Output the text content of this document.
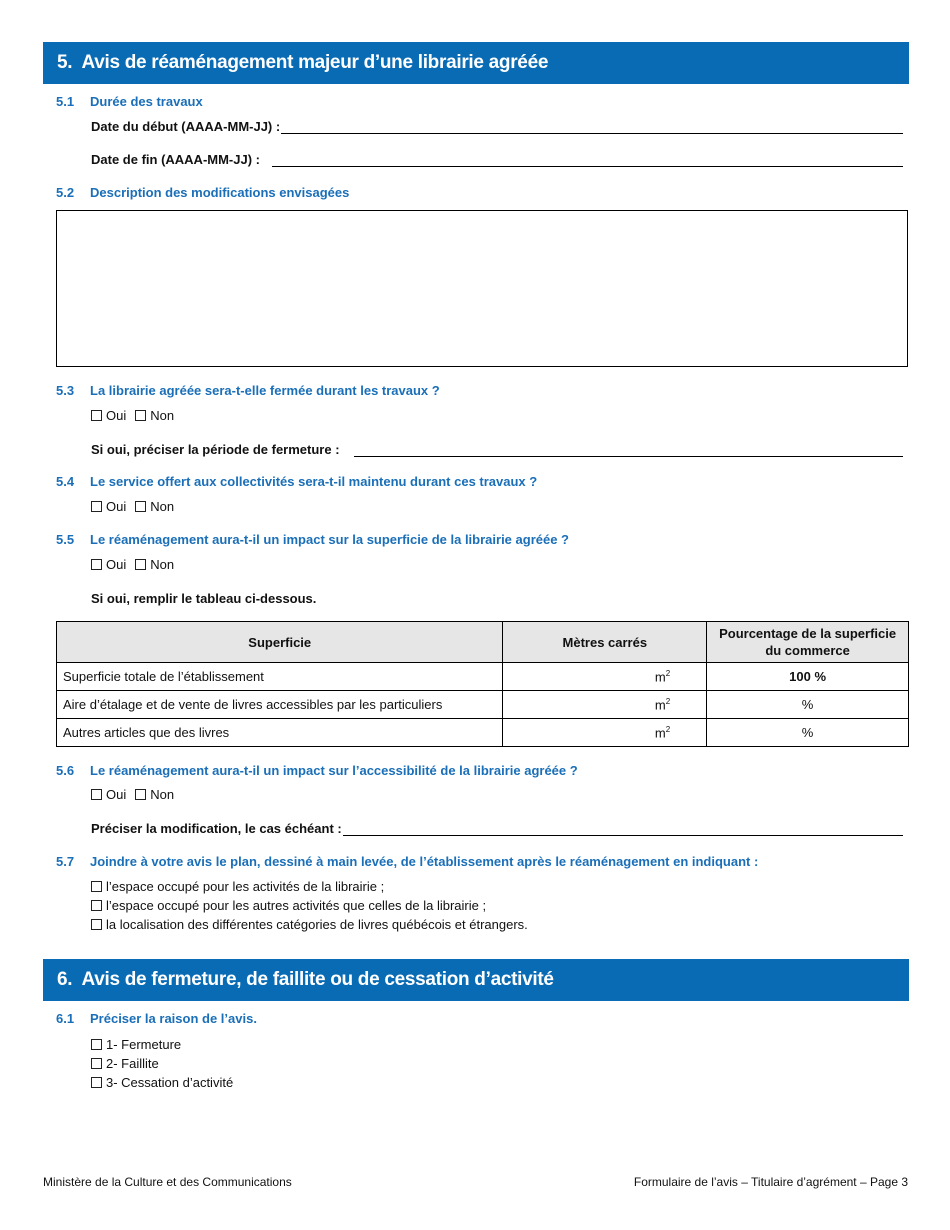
5. Avis de réaménagement majeur d’une librairie agréée
5.1 Durée des travaux
Date du début (AAAA-MM-JJ) :
Date de fin (AAAA-MM-JJ) :
5.2 Description des modifications envisagées
5.3 La librairie agréée sera-t-elle fermée durant les travaux ?
Oui Non
Si oui, préciser la période de fermeture :
5.4 Le service offert aux collectivités sera-t-il maintenu durant ces travaux ?
Oui Non
5.5 Le réaménagement aura-t-il un impact sur la superficie de la librairie agréée ?
Oui Non
Si oui, remplir le tableau ci-dessous.
Superficie	Mètres carrés	Pourcentage de la superficie du commerce
Superficie totale de l’établissement	$m^2$	100 %
Aire d’étalage et de vente de livres accessibles par les particuliers	$m^2$	%
Autres articles que des livres	$m^2$	%
5.6 Le réaménagement aura-t-il un impact sur l’accessibilité de la librairie agréée ?
Oui Non
Préciser la modification, le cas échéant :
5.7 Joindre à votre avis le plan, dessiné à main levée, de l’établissement après le réaménagement en indiquant :
l’espace occupé pour les activités de la librairie ;
l’espace occupé pour les autres activités que celles de la librairie ;
la localisation des différentes catégories de livres québécois et étrangers.
6. Avis de fermeture, de faillite ou de cessation d’activité
6.1 Préciser la raison de l’avis.
1- Fermeture
2- Faillite
3- Cessation d’activité
Ministère de la Culture et des Communications	Formulaire de l’avis – Titulaire d’agrément – Page 3
